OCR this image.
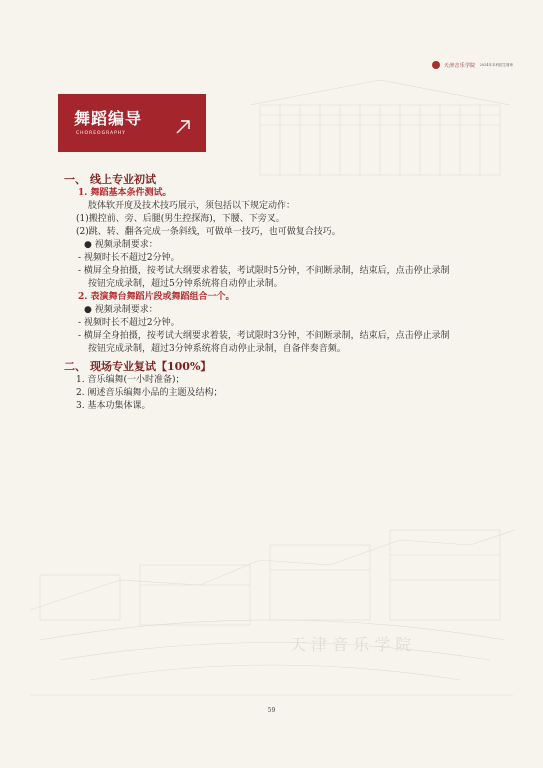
天 津 音 乐 学 院
天津音乐学院 2024年本科招生简章
舞蹈编导
CHOREOGRAPHY

一、 线上专业初试

1. 舞蹈基本条件测试。

肢体软开度及技术技巧展示，须包括以下规定动作：

(1)搬控前、旁、后腿(男生控探海)，下腰、下旁叉。

(2)跳、转、翻各完成一条斜线，可做单一技巧，也可做复合技巧。

● 视频录制要求：

- 视频时长不超过2分钟。

- 横屏全身拍摄，按考试大纲要求着装，考试限时5分钟，不间断录制，结束后，点击停止录制

按钮完成录制，超过5分钟系统将自动停止录制。

2. 表演舞台舞蹈片段或舞蹈组合一个。

● 视频录制要求：

- 视频时长不超过2分钟。

- 横屏全身拍摄，按考试大纲要求着装，考试限时3分钟，不间断录制，结束后，点击停止录制

按钮完成录制，超过3分钟系统将自动停止录制，自备伴奏音频。

二、 现场专业复试【100%】

1. 音乐编舞(一小时准备)；

2. 阐述音乐编舞小品的主题及结构；

3. 基本功集体课。

59
